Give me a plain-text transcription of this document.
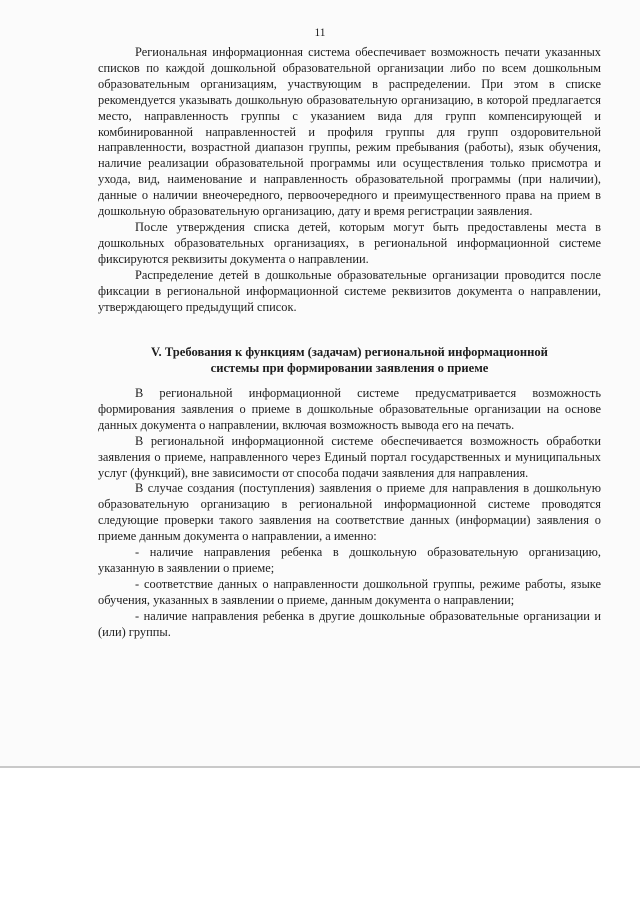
11

Региональная информационная система обеспечивает возможность печати указанных списков по каждой дошкольной образовательной организации либо по всем дошкольным образовательным организациям, участвующим в распределении. При этом в списке рекомендуется указывать дошкольную образовательную организацию, в которой предлагается место, направленность группы с указанием вида для групп компенсирующей и комбинированной направленностей и профиля группы для групп оздоровительной направленности, возрастной диапазон группы, режим пребывания (работы), язык обучения, наличие реализации образовательной программы или осуществления только присмотра и ухода, вид, наименование и направленность образовательной программы (при наличии), данные о наличии внеочередного, первоочередного и преимущественного права на прием в дошкольную образовательную организацию, дату и время регистрации заявления.

После утверждения списка детей, которым могут быть предоставлены места в дошкольных образовательных организациях, в региональной информационной системе фиксируются реквизиты документа о направлении.

Распределение детей в дошкольные образовательные организации проводится после фиксации в региональной информационной системе реквизитов документа о направлении, утверждающего предыдущий список.

V. Требования к функциям (задачам) региональной информационной
системы при формировании заявления о приеме

В региональной информационной системе предусматривается возможность формирования заявления о приеме в дошкольные образовательные организации на основе данных документа о направлении, включая возможность вывода его на печать.

В региональной информационной системе обеспечивается возможность обработки заявления о приеме, направленного через Единый портал государственных и муниципальных услуг (функций), вне зависимости от способа подачи заявления для направления.

В случае создания (поступления) заявления о приеме для направления в дошкольную образовательную организацию в региональной информационной системе проводятся следующие проверки такого заявления на соответствие данных (информации) заявления о приеме данным документа о направлении, а именно:

- наличие направления ребенка в дошкольную образовательную организацию, указанную в заявлении о приеме;

- соответствие данных о направленности дошкольной группы, режиме работы, языке обучения, указанных в заявлении о приеме, данным документа о направлении;

- наличие направления ребенка в другие дошкольные образовательные организации и (или) группы.
